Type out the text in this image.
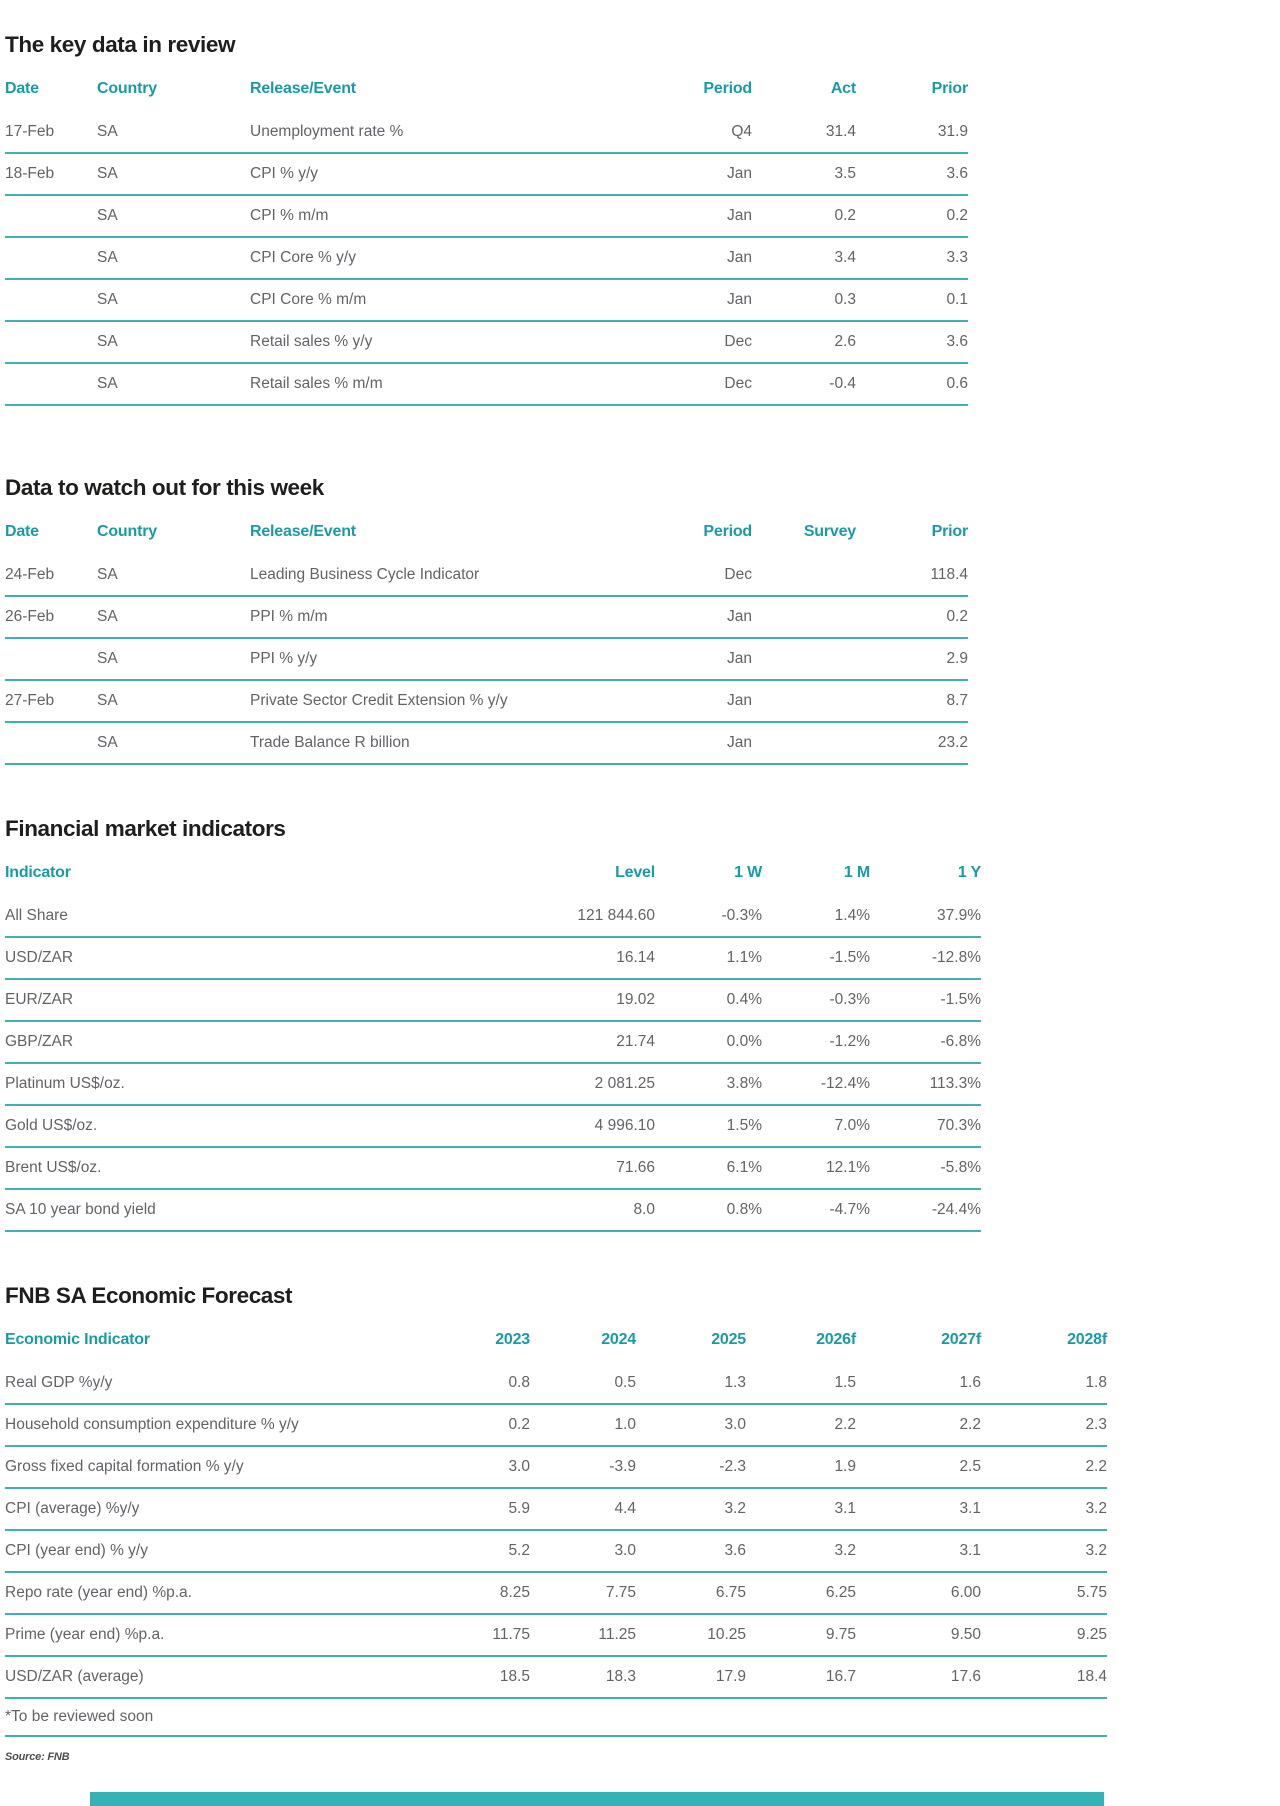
The key data in review
Date	Country	Release/Event	Period	Act	Prior
17-Feb	SA	Unemployment rate %	Q4	31.4	31.9
18-Feb	SA	CPI % y/y	Jan	3.5	3.6
	SA	CPI % m/m	Jan	0.2	0.2
	SA	CPI Core % y/y	Jan	3.4	3.3
	SA	CPI Core % m/m	Jan	0.3	0.1
	SA	Retail sales % y/y	Dec	2.6	3.6
	SA	Retail sales % m/m	Dec	-0.4	0.6
Data to watch out for this week
Date	Country	Release/Event	Period	Survey	Prior
24-Feb	SA	Leading Business Cycle Indicator	Dec		118.4
26-Feb	SA	PPI % m/m	Jan		0.2
	SA	PPI % y/y	Jan		2.9
27-Feb	SA	Private Sector Credit Extension % y/y	Jan		8.7
	SA	Trade Balance R billion	Jan		23.2
Financial market indicators
Indicator	Level	1 W	1 M	1 Y
All Share	121 844.60	-0.3%	1.4%	37.9%
USD/ZAR	16.14	1.1%	-1.5%	-12.8%
EUR/ZAR	19.02	0.4%	-0.3%	-1.5%
GBP/ZAR	21.74	0.0%	-1.2%	-6.8%
Platinum US$/oz.	2 081.25	3.8%	-12.4%	113.3%
Gold US$/oz.	4 996.10	1.5%	7.0%	70.3%
Brent US$/oz.	71.66	6.1%	12.1%	-5.8%
SA 10 year bond yield	8.0	0.8%	-4.7%	-24.4%
FNB SA Economic Forecast
Economic Indicator	2023	2024	2025	2026f	2027f	2028f
Real GDP %y/y	0.8	0.5	1.3	1.5	1.6	1.8
Household consumption expenditure % y/y	0.2	1.0	3.0	2.2	2.2	2.3
Gross fixed capital formation % y/y	3.0	-3.9	-2.3	1.9	2.5	2.2
CPI (average) %y/y	5.9	4.4	3.2	3.1	3.1	3.2
CPI (year end) % y/y	5.2	3.0	3.6	3.2	3.1	3.2
Repo rate (year end) %p.a.	8.25	7.75	6.75	6.25	6.00	5.75
Prime (year end) %p.a.	11.75	11.25	10.25	9.75	9.50	9.25
USD/ZAR (average)	18.5	18.3	17.9	16.7	17.6	18.4
*To be reviewed soon						
Source: FNB
